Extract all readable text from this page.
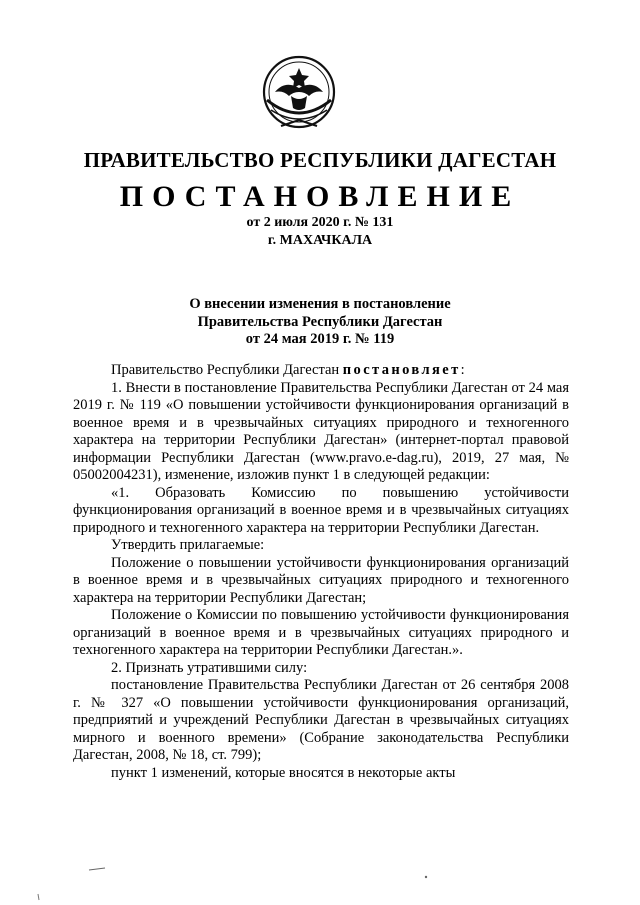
ПРАВИТЕЛЬСТВО РЕСПУБЛИКИ ДАГЕСТАН
ПОСТАНОВЛЕНИЕ
от 2 июля 2020 г. № 131
г. МАХАЧКАЛА
О внесении изменения в постановление
Правительства Республики Дагестан
от 24 мая 2019 г. № 119

Правительство Республики Дагестан постановляет:

1. Внести в постановление Правительства Республики Дагестан от 24 мая 2019 г. № 119 «О повышении устойчивости функционирования организаций в военное время и в чрезвычайных ситуациях природного и техногенного характера на территории Республики Дагестан» (интернет-портал правовой информации Республики Дагестан (www.pravo.e-dag.ru), 2019, 27 мая, № 05002004231), изменение, изложив пункт 1 в следующей редакции:

«1. Образовать Комиссию по повышению устойчивости функционирования организаций в военное время и в чрезвычайных ситуациях природного и техногенного характера на территории Республики Дагестан.

Утвердить прилагаемые:

Положение о повышении устойчивости функционирования организаций в военное время и в чрезвычайных ситуациях природного и техногенного характера на территории Республики Дагестан;

Положение о Комиссии по повышению устойчивости функционирования организаций в военное время и в чрезвычайных ситуациях природного и техногенного характера на территории Республики Дагестан.».

2. Признать утратившими силу:

постановление Правительства Республики Дагестан от 26 сентября 2008 г. № 327 «О повышении устойчивости функционирования организаций, предприятий и учреждений Республики Дагестан в чрезвычайных ситуациях мирного и военного времени» (Собрание законодательства Республики Дагестан, 2008, № 18, ст. 799);

пункт 1 изменений, которые вносятся в некоторые акты
